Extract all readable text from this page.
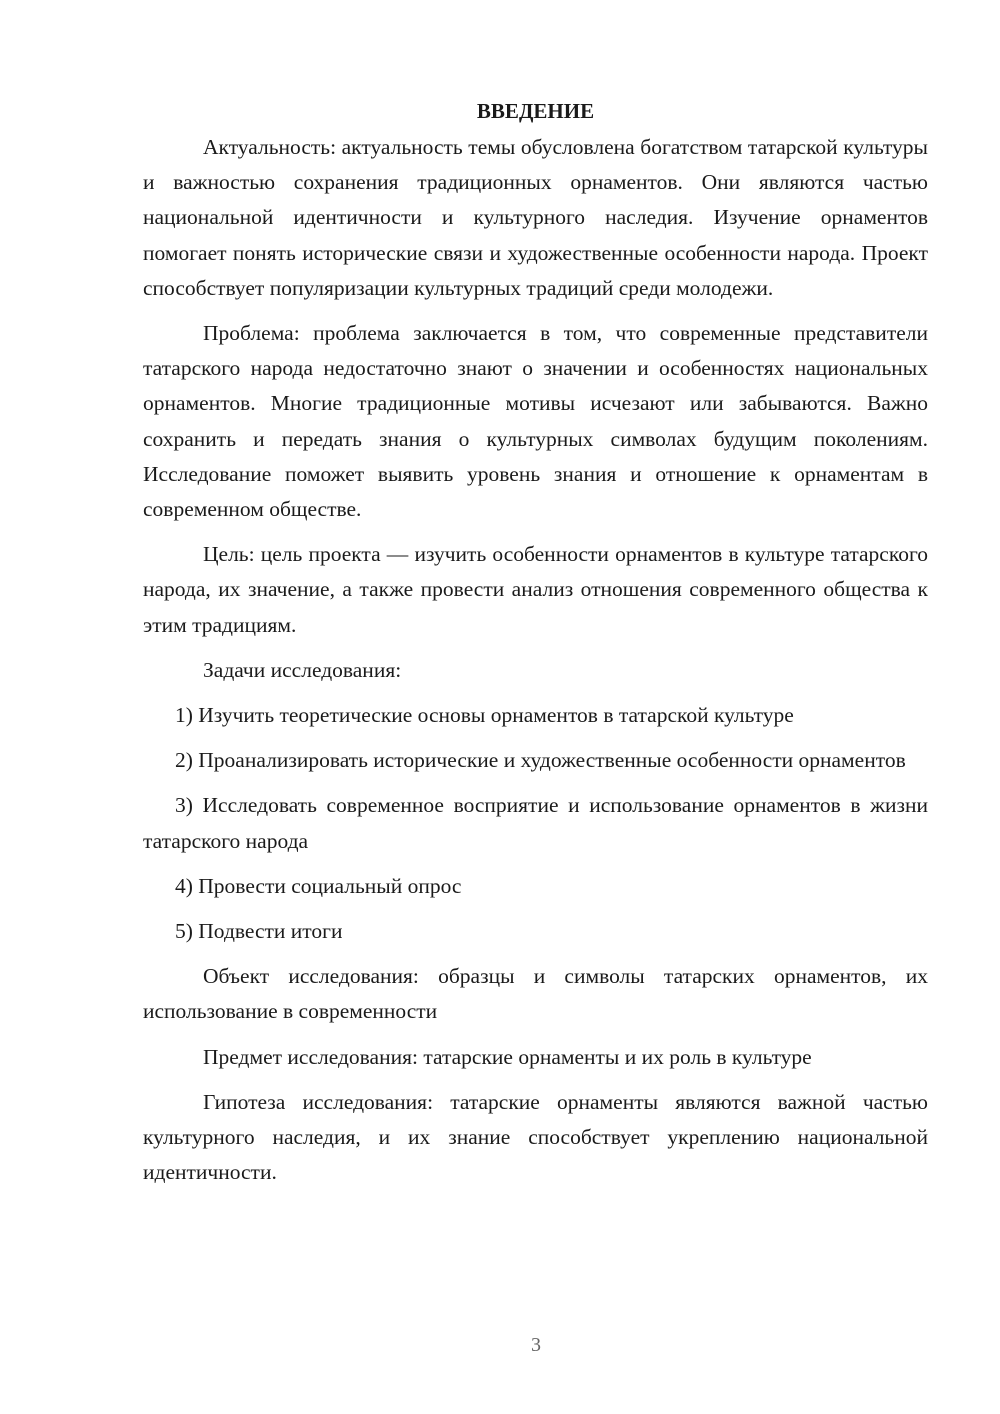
ВВЕДЕНИЕ

Актуальность: актуальность темы обусловлена богатством татарской культуры и важностью сохранения традиционных орнаментов. Они являются частью национальной идентичности и культурного наследия. Изучение орнаментов помогает понять исторические связи и художественные особенности народа. Проект способствует популяризации культурных традиций среди молодежи.

Проблема: проблема заключается в том, что современные представители татарского народа недостаточно знают о значении и особенностях национальных орнаментов. Многие традиционные мотивы исчезают или забываются. Важно сохранить и передать знания о культурных символах будущим поколениям. Исследование поможет выявить уровень знания и отношение к орнаментам в современном обществе.

Цель: цель проекта — изучить особенности орнаментов в культуре татарского народа, их значение, а также провести анализ отношения современного общества к этим традициям.

Задачи исследования:

1) Изучить теоретические основы орнаментов в татарской культуре

2) Проанализировать исторические и художественные особенности орнаментов

3) Исследовать современное восприятие и использование орнаментов в жизни татарского народа

4) Провести социальный опрос

5) Подвести итоги

Объект исследования: образцы и символы татарских орнаментов, их использование в современности

Предмет исследования: татарские орнаменты и их роль в культуре

Гипотеза исследования: татарские орнаменты являются важной частью культурного наследия, и их знание способствует укреплению национальной идентичности.

3
